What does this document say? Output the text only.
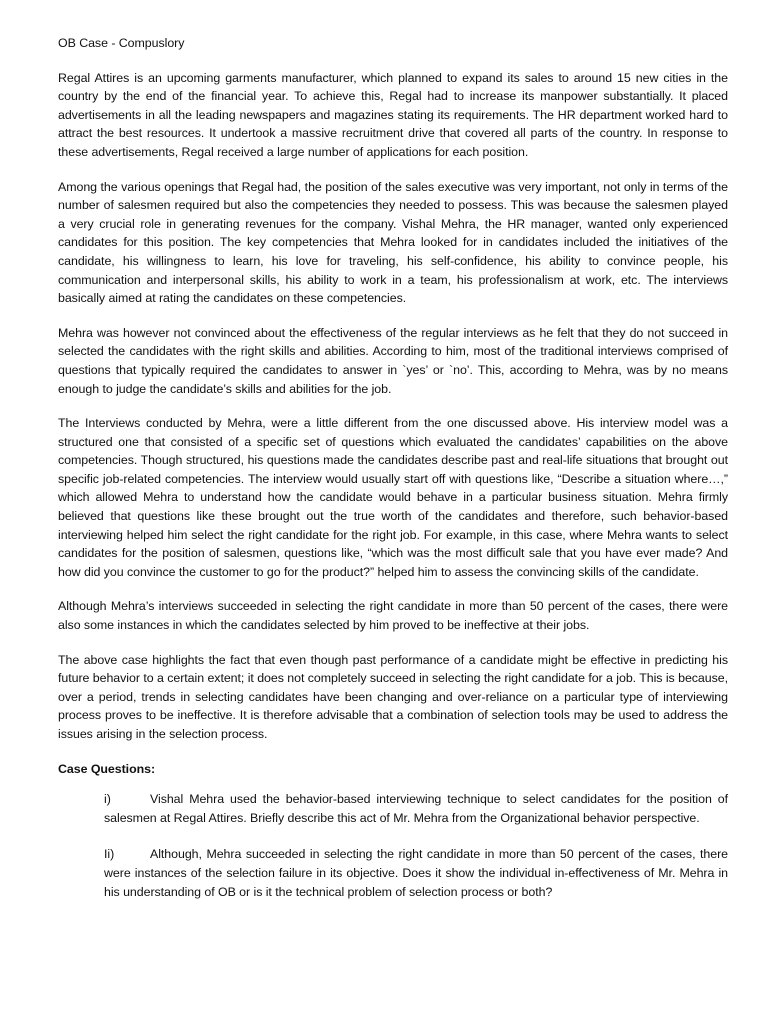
OB Case - Compuslory

Regal Attires is an upcoming garments manufacturer, which planned to expand its sales to around 15 new cities in the country by the end of the financial year. To achieve this, Regal had to increase its manpower substantially. It placed advertisements in all the leading newspapers and magazines stating its requirements. The HR department worked hard to attract the best resources. It undertook a massive recruitment drive that covered all parts of the country. In response to these advertisements, Regal received a large number of applications for each position.

Among the various openings that Regal had, the position of the sales executive was very important, not only in terms of the number of salesmen required but also the competencies they needed to possess. This was because the salesmen played a very crucial role in generating revenues for the company. Vishal Mehra, the HR manager, wanted only experienced candidates for this position. The key competencies that Mehra looked for in candidates included the initiatives of the candidate, his willingness to learn, his love for traveling, his self-confidence, his ability to convince people, his communication and interpersonal skills, his ability to work in a team, his professionalism at work, etc. The interviews basically aimed at rating the candidates on these competencies.

Mehra was however not convinced about the effectiveness of the regular interviews as he felt that they do not succeed in selected the candidates with the right skills and abilities. According to him, most of the traditional interviews comprised of questions that typically required the candidates to answer in `yes’ or `no’. This, according to Mehra, was by no means enough to judge the candidate’s skills and abilities for the job.

The Interviews conducted by Mehra, were a little different from the one discussed above. His interview model was a structured one that consisted of a specific set of questions which evaluated the candidates’ capabilities on the above competencies. Though structured, his questions made the candidates describe past and real-life situations that brought out specific job-related competencies. The interview would usually start off with questions like, “Describe a situation where…,” which allowed Mehra to understand how the candidate would behave in a particular business situation. Mehra firmly believed that questions like these brought out the true worth of the candidates and therefore, such behavior-based interviewing helped him select the right candidate for the right job. For example, in this case, where Mehra wants to select candidates for the position of salesmen, questions like, “which was the most difficult sale that you have ever made? And how did you convince the customer to go for the product?” helped him to assess the convincing skills of the candidate.

Although Mehra’s interviews succeeded in selecting the right candidate in more than 50 percent of the cases, there were also some instances in which the candidates selected by him proved to be ineffective at their jobs.

The above case highlights the fact that even though past performance of a candidate might be effective in predicting his future behavior to a certain extent; it does not completely succeed in selecting the right candidate for a job. This is because, over a period, trends in selecting candidates have been changing and over-reliance on a particular type of interviewing process proves to be ineffective. It is therefore advisable that a combination of selection tools may be used to address the issues arising in the selection process.

Case Questions:
i)	Vishal Mehra used the behavior-based interviewing technique to select candidates for the position of salesmen at Regal Attires. Briefly describe this act of Mr. Mehra from the Organizational behavior perspective.
Ii)	Although, Mehra succeeded in selecting the right candidate in more than 50 percent of the cases, there were instances of the selection failure in its objective. Does it show the individual in-effectiveness of Mr. Mehra in his understanding of OB or is it the technical problem of selection process or both?
